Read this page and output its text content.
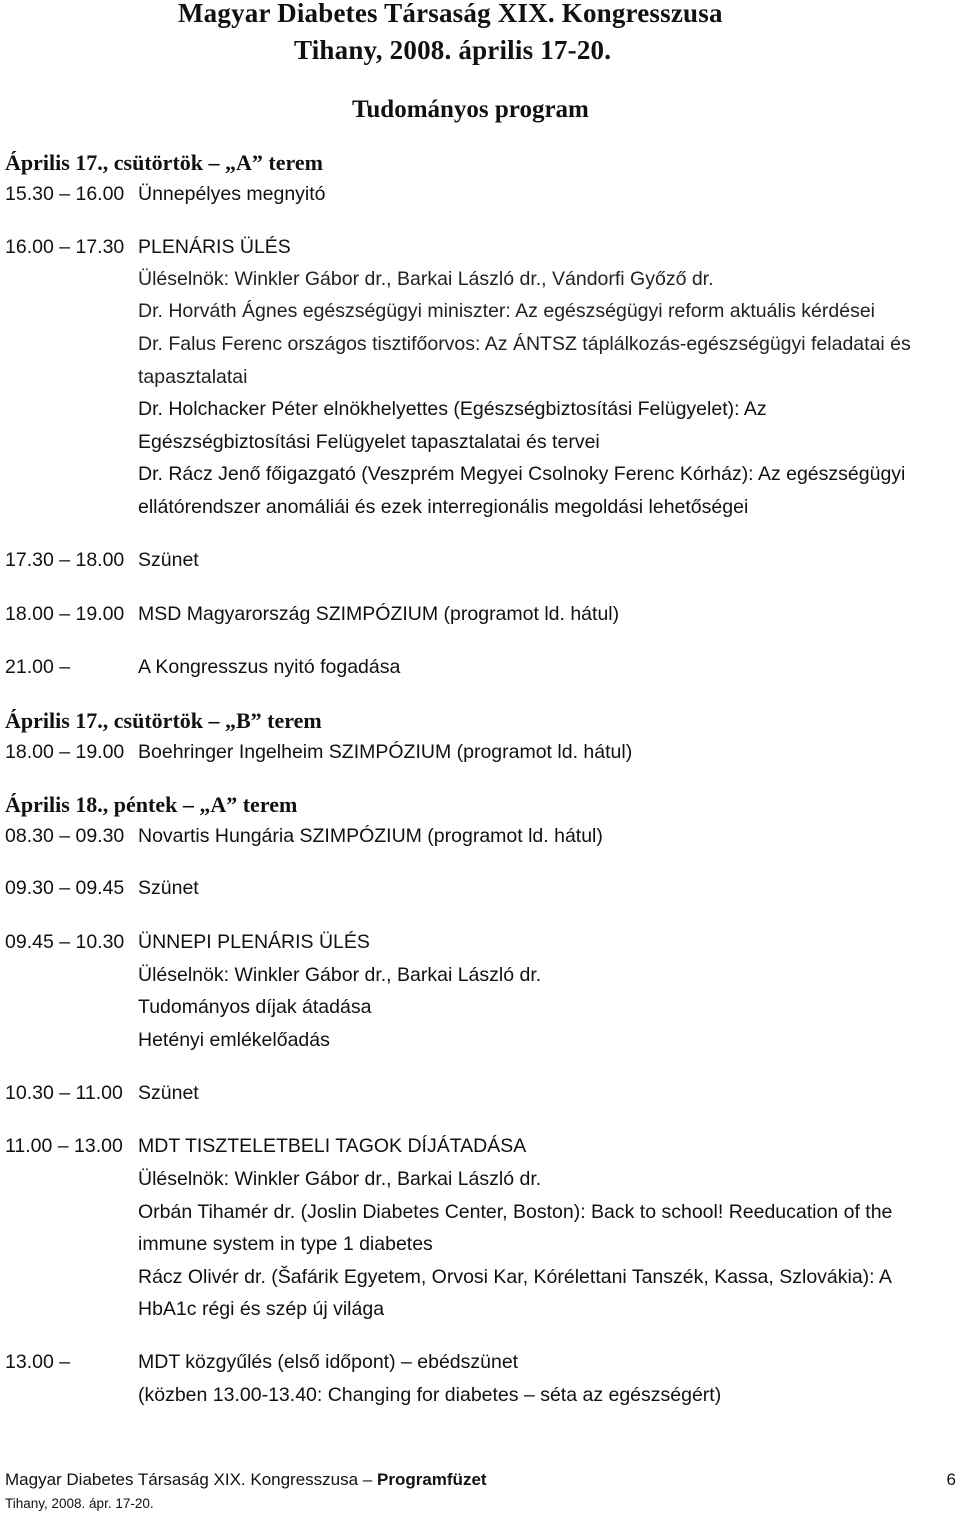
Magyar Diabetes Társaság XIX. Kongresszusa
Tihany, 2008. április 17-20.
Tudományos program
Április 17., csütörtök – „A” terem
15.30 – 16.00 Ünnepélyes megnyitó
16.00 – 17.30 PLENÁRIS ÜLÉS
Üléselnök: Winkler Gábor dr., Barkai László dr., Vándorfi Győző dr.
Dr. Horváth Ágnes egészségügyi miniszter: Az egészségügyi reform aktuális kérdései
Dr. Falus Ferenc országos tisztifőorvos: Az ÁNTSZ táplálkozás-egészségügyi feladatai és
tapasztalatai
Dr. Holchacker Péter elnökhelyettes (Egészségbiztosítási Felügyelet): Az
Egészségbiztosítási Felügyelet tapasztalatai és tervei
Dr. Rácz Jenő főigazgató (Veszprém Megyei Csolnoky Ferenc Kórház): Az egészségügyi
ellátórendszer anomáliái és ezek interregionális megoldási lehetőségei
17.30 – 18.00 Szünet
18.00 – 19.00 MSD Magyarország SZIMPÓZIUM (programot ld. hátul)
21.00 –	A Kongresszus nyitó fogadása
Április 17., csütörtök – „B” terem
18.00 – 19.00 Boehringer Ingelheim SZIMPÓZIUM (programot ld. hátul)
Április 18., péntek – „A” terem
08.30 – 09.30 Novartis Hungária SZIMPÓZIUM (programot ld. hátul)
09.30 – 09.45 Szünet
09.45 – 10.30 ÜNNEPI PLENÁRIS ÜLÉS
Üléselnök: Winkler Gábor dr., Barkai László dr.
Tudományos díjak átadása
Hetényi emlékelőadás
10.30 – 11.00 Szünet
11.00 – 13.00 MDT TISZTELETBELI TAGOK DÍJÁTADÁSA
Üléselnök: Winkler Gábor dr., Barkai László dr.
Orbán Tihamér dr. (Joslin Diabetes Center, Boston): Back to school! Reeducation of the
immune system in type 1 diabetes
Rácz Olivér dr. (Šafárik Egyetem, Orvosi Kar, Kórélettani Tanszék, Kassa, Szlovákia): A
HbA1c régi és szép új világa
13.00 –	MDT közgyűlés (első időpont) – ebédszünet
(közben 13.00-13.40: Changing for diabetes – séta az egészségért)
Magyar Diabetes Társaság XIX. Kongresszusa – Programfüzet
Tihany, 2008. ápr. 17-20.
6
